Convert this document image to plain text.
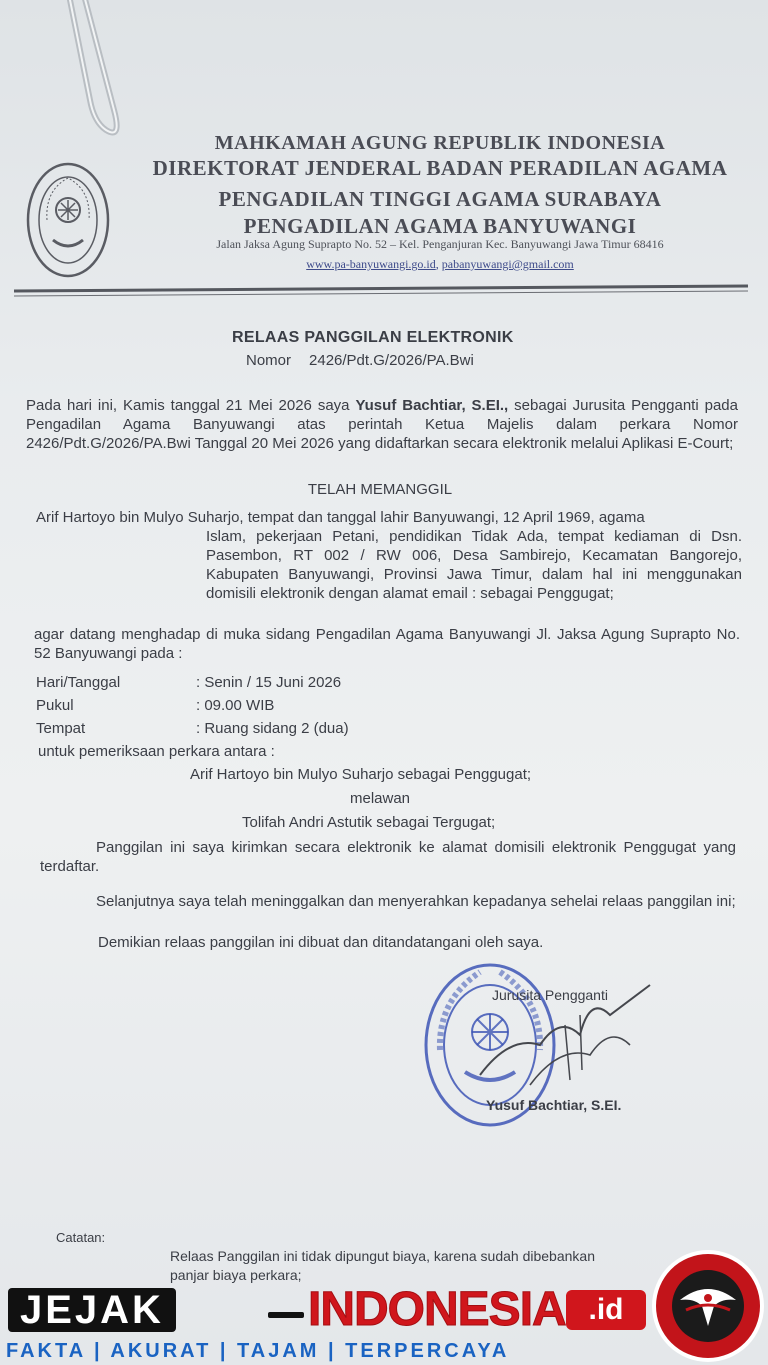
MAHKAMAH AGUNG REPUBLIK INDONESIA
DIREKTORAT JENDERAL BADAN PERADILAN AGAMA
PENGADILAN TINGGI AGAMA SURABAYA
PENGADILAN AGAMA BANYUWANGI
Jalan Jaksa Agung Suprapto No. 52 – Kel. Penganjuran Kec. Banyuwangi Jawa Timur 68416
www.pa-banyuwangi.go.id, pabanyuwangi@gmail.com
RELAAS PANGGILAN ELEKTRONIK
Nomor 2426/Pdt.G/2026/PA.Bwi
Pada hari ini, Kamis tanggal 21 Mei 2026 saya Yusuf Bachtiar, S.EI., sebagai Jurusita Pengganti pada Pengadilan Agama Banyuwangi atas perintah Ketua Majelis dalam perkara Nomor 2426/Pdt.G/2026/PA.Bwi Tanggal 20 Mei 2026 yang didaftarkan secara elektronik melalui Aplikasi E-Court;
TELAH MEMANGGIL
Arif Hartoyo bin Mulyo Suharjo, tempat dan tanggal lahir Banyuwangi, 12 April 1969, agama
Islam, pekerjaan Petani, pendidikan Tidak Ada, tempat kediaman di Dsn. Pasembon, RT 002 / RW 006, Desa Sambirejo, Kecamatan Bangorejo, Kabupaten Banyuwangi, Provinsi Jawa Timur, dalam hal ini menggunakan domisili elektronik dengan alamat email : sebagai Penggugat;
agar datang menghadap di muka sidang Pengadilan Agama Banyuwangi Jl. Jaksa Agung Suprapto No. 52 Banyuwangi pada :
Hari/Tanggal	: Senin / 15 Juni 2026
Pukul	: 09.00 WIB
Tempat	: Ruang sidang 2 (dua)
untuk pemeriksaan perkara antara :
Arif Hartoyo bin Mulyo Suharjo sebagai Penggugat;
melawan
Tolifah Andri Astutik sebagai Tergugat;
Panggilan ini saya kirimkan secara elektronik ke alamat domisili elektronik Penggugat yang terdaftar.
Selanjutnya saya telah meninggalkan dan menyerahkan kepadanya sehelai relaas panggilan ini;
Demikian relaas panggilan ini dibuat dan ditandatangani oleh saya.
Jurusita Pengganti
Yusuf Bachtiar, S.EI.
Catatan:
Relaas Panggilan ini tidak dipungut biaya, karena sudah dibebankan
panjar biaya perkara;
JEJAK	INDONESIA .id
FAKTA | AKURAT | TAJAM | TERPERCAYA
